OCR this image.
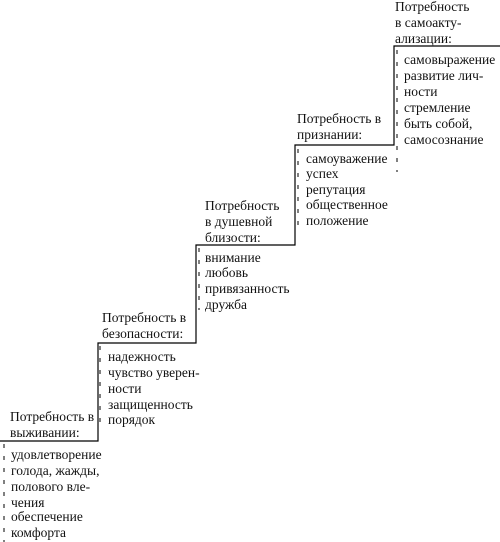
Потребность в
выживании:
удовлетворение
голода, жажды,
полового вле-
чения
обеспечение
комфорта
Потребность в
безопасности:
надежность
чувство уверен-
ности
защищенность
порядок
Потребность
в душевной
близости:
внимание
любовь
привязанность
дружба
Потребность в
признании:
самоуважение
успех
репутация
общественное
положение
Потребность
в самоакту-
ализации:
самовыражение
развитие лич-
ности
стремление
быть собой,
самосознание
